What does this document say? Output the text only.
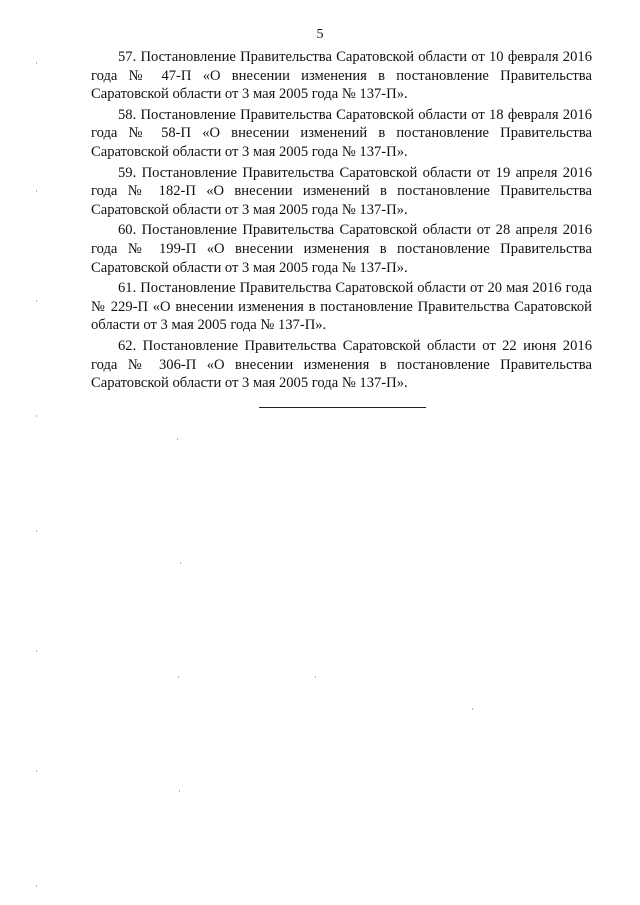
5

57. Постановление Правительства Саратовской области от 10 февраля 2016 года № 47-П «О внесении изменения в постановление Правительства Саратовской области от 3 мая 2005 года № 137-П».

58. Постановление Правительства Саратовской области от 18 февраля 2016 года № 58-П «О внесении изменений в постановление Правительства Саратовской области от 3 мая 2005 года № 137-П».

59. Постановление Правительства Саратовской области от 19 апреля 2016 года № 182-П «О внесении изменений в постановление Правительства Саратовской области от 3 мая 2005 года № 137-П».

60. Постановление Правительства Саратовской области от 28 апреля 2016 года № 199-П «О внесении изменения в постановление Правительства Саратовской области от 3 мая 2005 года № 137-П».

61. Постановление Правительства Саратовской области от 20 мая 2016 года № 229-П «О внесении изменения в постановление Правительства Саратовской области от 3 мая 2005 года № 137-П».

62. Постановление Правительства Саратовской области от 22 июня 2016 года № 306-П «О внесении изменения в постановление Правительства Саратовской области от 3 мая 2005 года № 137-П».
